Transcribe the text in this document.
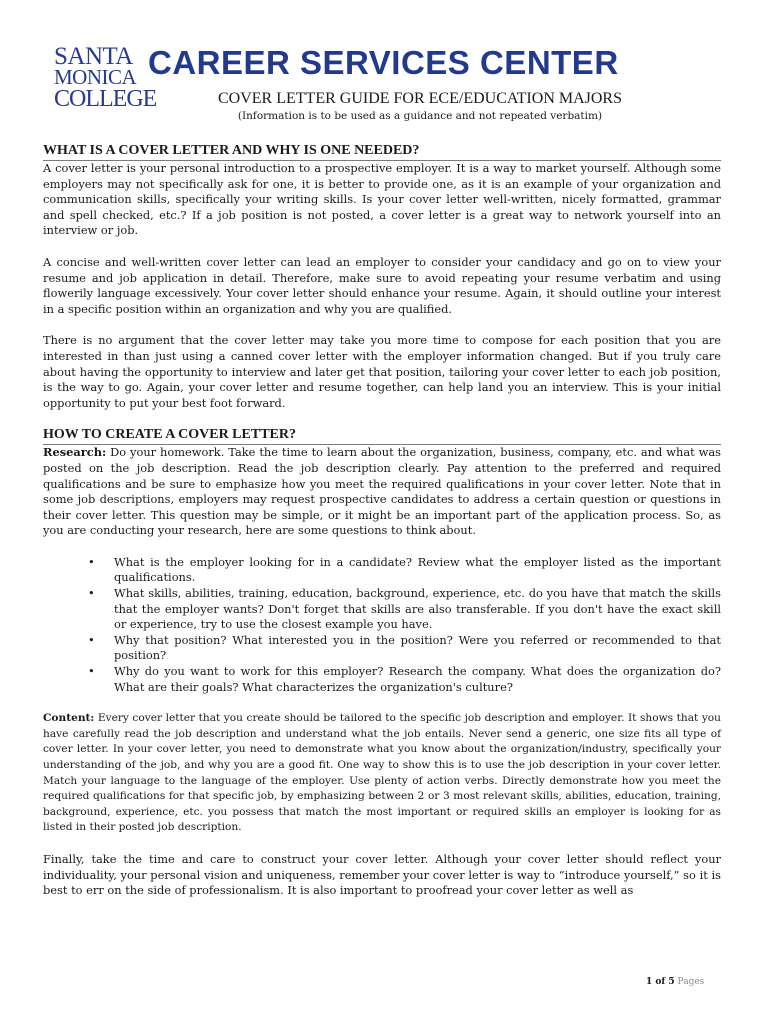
SANTA
MONICA
COLLEGE
CAREER SERVICES CENTER
COVER LETTER GUIDE FOR ECE/EDUCATION MAJORS
(Information is to be used as a guidance and not repeated verbatim)
WHAT IS A COVER LETTER AND WHY IS ONE NEEDED?

A cover letter is your personal introduction to a prospective employer. It is a way to market yourself. Although some employers may not specifically ask for one, it is better to provide one, as it is an example of your organization and communication skills, specifically your writing skills. Is your cover letter well-written, nicely formatted, grammar and spell checked, etc.? If a job position is not posted, a cover letter is a great way to network yourself into an interview or job.

A concise and well-written cover letter can lead an employer to consider your candidacy and go on to view your resume and job application in detail. Therefore, make sure to avoid repeating your resume verbatim and using flowerily language excessively. Your cover letter should enhance your resume. Again, it should outline your interest in a specific position within an organization and why you are qualified.

There is no argument that the cover letter may take you more time to compose for each position that you are interested in than just using a canned cover letter with the employer information changed. But if you truly care about having the opportunity to interview and later get that position, tailoring your cover letter to each job position, is the way to go. Again, your cover letter and resume together, can help land you an interview. This is your initial opportunity to put your best foot forward.

HOW TO CREATE A COVER LETTER?

Research: Do your homework. Take the time to learn about the organization, business, company, etc. and what was posted on the job description. Read the job description clearly. Pay attention to the preferred and required qualifications and be sure to emphasize how you meet the required qualifications in your cover letter. Note that in some job descriptions, employers may request prospective candidates to address a certain question or questions in their cover letter. This question may be simple, or it might be an important part of the application process. So, as you are conducting your research, here are some questions to think about.

• What is the employer looking for in a candidate? Review what the employer listed as the important qualifications.
• What skills, abilities, training, education, background, experience, etc. do you have that match the skills that the employer wants? Don't forget that skills are also transferable. If you don't have the exact skill or experience, try to use the closest example you have.
• Why that position? What interested you in the position? Were you referred or recommended to that position?
• Why do you want to work for this employer? Research the company. What does the organization do? What are their goals? What characterizes the organization's culture?

Content: Every cover letter that you create should be tailored to the specific job description and employer. It shows that you have carefully read the job description and understand what the job entails. Never send a generic, one size fits all type of cover letter. In your cover letter, you need to demonstrate what you know about the organization/industry, specifically your understanding of the job, and why you are a good fit. One way to show this is to use the job description in your cover letter. Match your language to the language of the employer. Use plenty of action verbs. Directly demonstrate how you meet the required qualifications for that specific job, by emphasizing between 2 or 3 most relevant skills, abilities, education, training, background, experience, etc. you possess that match the most important or required skills an employer is looking for as listed in their posted job description.

Finally, take the time and care to construct your cover letter. Although your cover letter should reflect your individuality, your personal vision and uniqueness, remember your cover letter is way to “introduce yourself,” so it is best to err on the side of professionalism. It is also important to proofread your cover letter as well as

1 of 5 Pages
